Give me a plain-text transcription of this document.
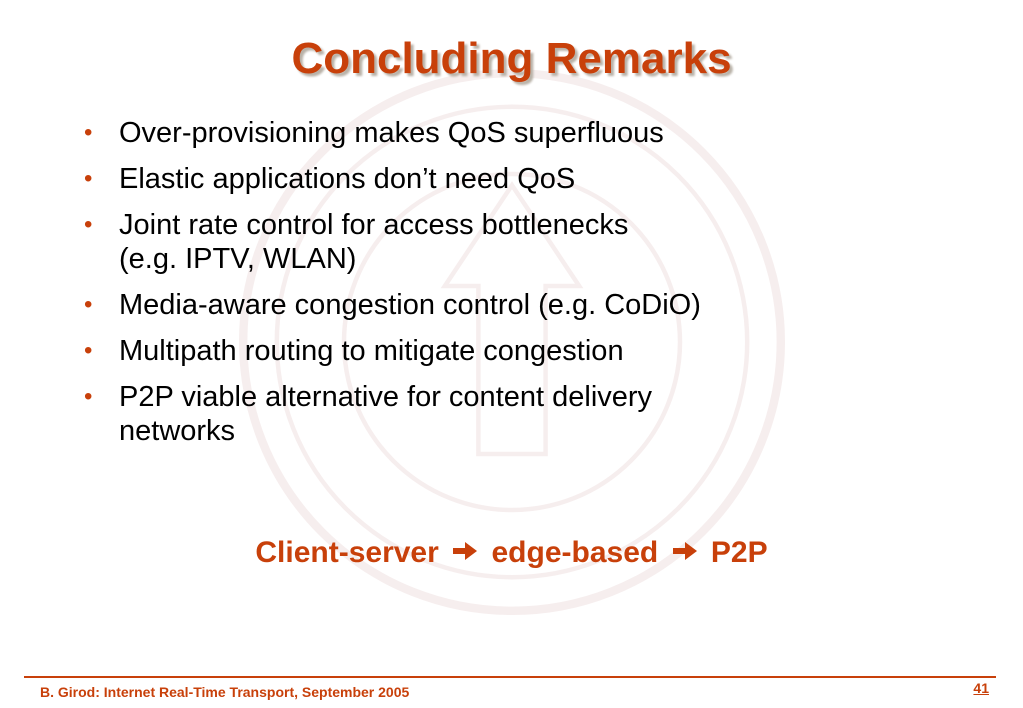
Concluding Remarks
• Over-provisioning makes QoS superfluous
• Elastic applications don’t need QoS
• Joint rate control for access bottlenecks
(e.g. IPTV, WLAN)
• Media-aware congestion control (e.g. CoDiO)
• Multipath routing to mitigate congestion
• P2P viable alternative for content delivery
networks
Client-server edge-based P2P
B. Girod: Internet Real-Time Transport, September 2005	41
